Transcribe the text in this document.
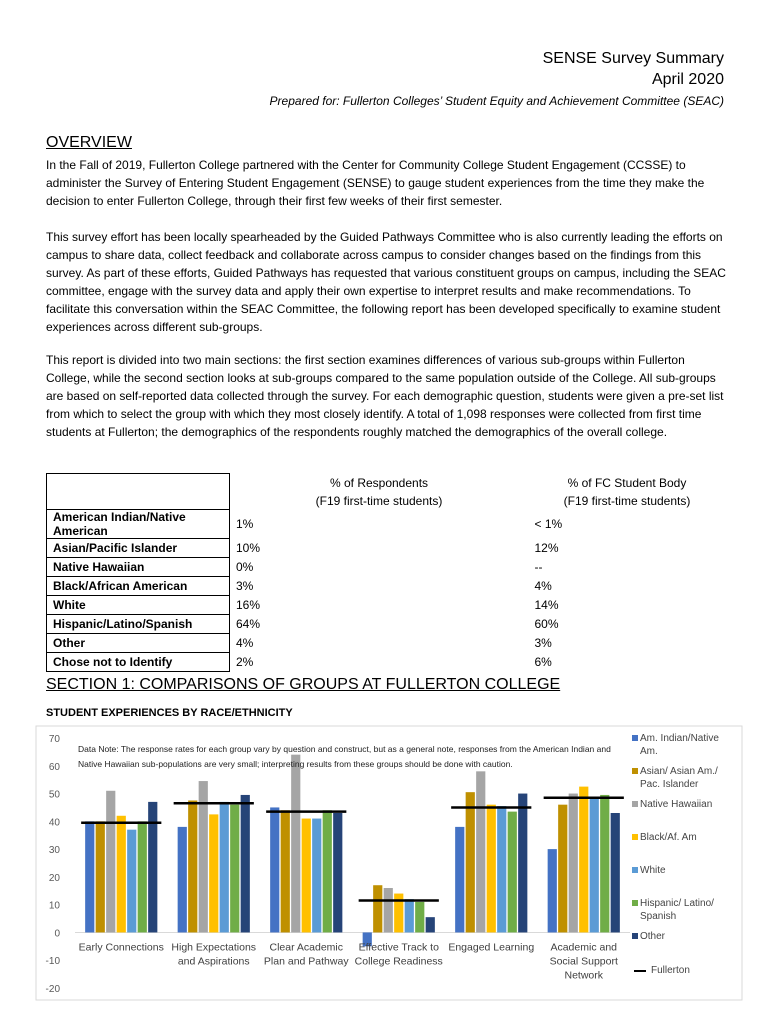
SENSE Survey Summary
April 2020
Prepared for: Fullerton Colleges’ Student Equity and Achievement Committee (SEAC)
OVERVIEW
In the Fall of 2019, Fullerton College partnered with the Center for Community College Student Engagement (CCSSE) to administer the Survey of Entering Student Engagement (SENSE) to gauge student experiences from the time they make the decision to enter Fullerton College, through their first few weeks of their first semester.
This survey effort has been locally spearheaded by the Guided Pathways Committee who is also currently leading the efforts on campus to share data, collect feedback and collaborate across campus to consider changes based on the findings from this survey. As part of these efforts, Guided Pathways has requested that various constituent groups on campus, including the SEAC committee, engage with the survey data and apply their own expertise to interpret results and make recommendations. To facilitate this conversation within the SEAC Committee, the following report has been developed specifically to examine student experiences across different sub-groups.
This report is divided into two main sections: the first section examines differences of various sub-groups within Fullerton College, while the second section looks at sub-groups compared to the same population outside of the College. All sub-groups are based on self-reported data collected through the survey. For each demographic question, students were given a pre-set list from which to select the group with which they most closely identify. A total of 1,098 responses were collected from first time students at Fullerton; the demographics of the respondents roughly matched the demographics of the overall college.
	% of Respondents	% of FC Student Body
	(F19 first-time students)	(F19 first-time students)
American Indian/Native American	1%	< 1%
Asian/Pacific Islander	10%	12%
Native Hawaiian	0%	--
Black/African American	3%	4%
White	16%	14%
Hispanic/Latino/Spanish	64%	60%
Other	4%	3%
Chose not to Identify	2%	6%
SECTION 1: COMPARISONS OF GROUPS AT FULLERTON COLLEGE
STUDENT EXPERIENCES BY RACE/ETHNICITY
-20
-10
0
10
20
30
40
50
60
70
Early Connections High Expectations
and Aspirations
Clear Academic
Plan and Pathway
Effective Track to
College Readiness
Engaged Learning Academic and
Social Support
Network
Data Note: The response rates for each group vary by question and construct, but as a general note, responses from the American Indian and Native Hawaiian sub-populations are very small; interpreting results from these groups should be done with caution.
Am. Indian/Native
Am.
Asian/ Asian Am./
Pac. Islander
Native Hawaiian
Black/Af. Am
White
Hispanic/ Latino/
Spanish
Other
Fullerton
